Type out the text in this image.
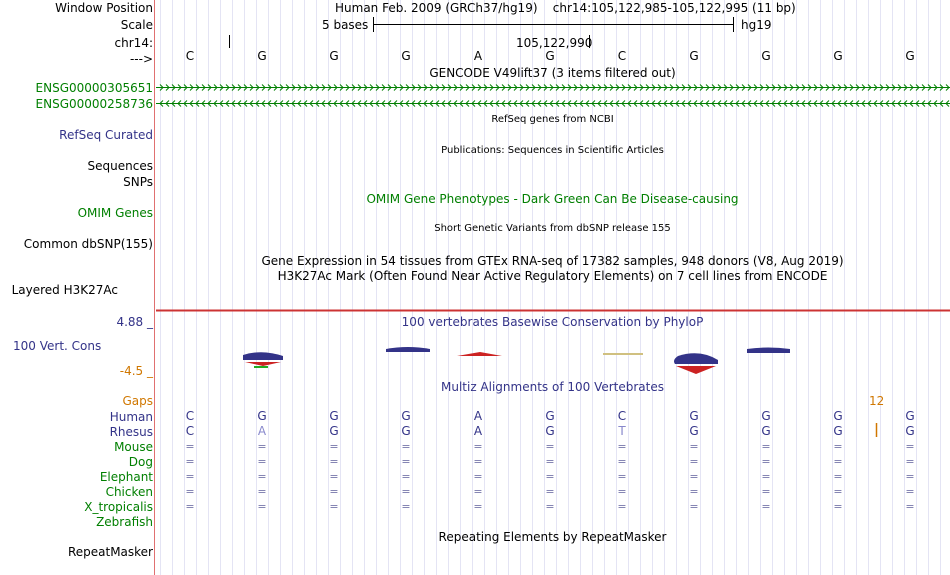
Window Position	Human Feb. 2009 (GRCh37/hg19)    chr14:105,122,985-105,122,995 (11 bp)
Scale	5 bases	hg19
chr14:	105,122,990
--->	C	G	G	G	A	G	C	G	G	G	G
GENCODE V49lift37 (3 items filtered out)
ENSG00000305651
ENSG00000258736
RefSeq Curated
RefSeq genes from NCBI
Sequences
Publications: Sequences in Scientific Articles
SNPs
OMIM Gene Phenotypes - Dark Green Can Be Disease-causing
OMIM Genes
Short Genetic Variants from dbSNP release 155
Common dbSNP(155)
Gene Expression in 54 tissues from GTEx RNA-seq of 17382 samples, 948 donors (V8, Aug 2019)
H3K27Ac Mark (Often Found Near Active Regulatory Elements) on 7 cell lines from ENCODE
Layered H3K27Ac
4.88 _	100 vertebrates Basewise Conservation by PhyloP
100 Vert. Cons
-4.5 _
Multiz Alignments of 100 Vertebrates
Gaps	12
Human	C	G	G	G	A	G	C	G	G	G	G
Rhesus	C	A	G	G	A	G	T	G	G	G	G
Mouse	=	=	=	=	=	=	=	=	=	=	=
Dog	=	=	=	=	=	=	=	=	=	=	=
Elephant	=	=	=	=	=	=	=	=	=	=	=
Chicken	=	=	=	=	=	=	=	=	=	=	=
X_tropicalis	=	=	=	=	=	=	=	=	=	=	=
Zebrafish
Repeating Elements by RepeatMasker
RepeatMasker
